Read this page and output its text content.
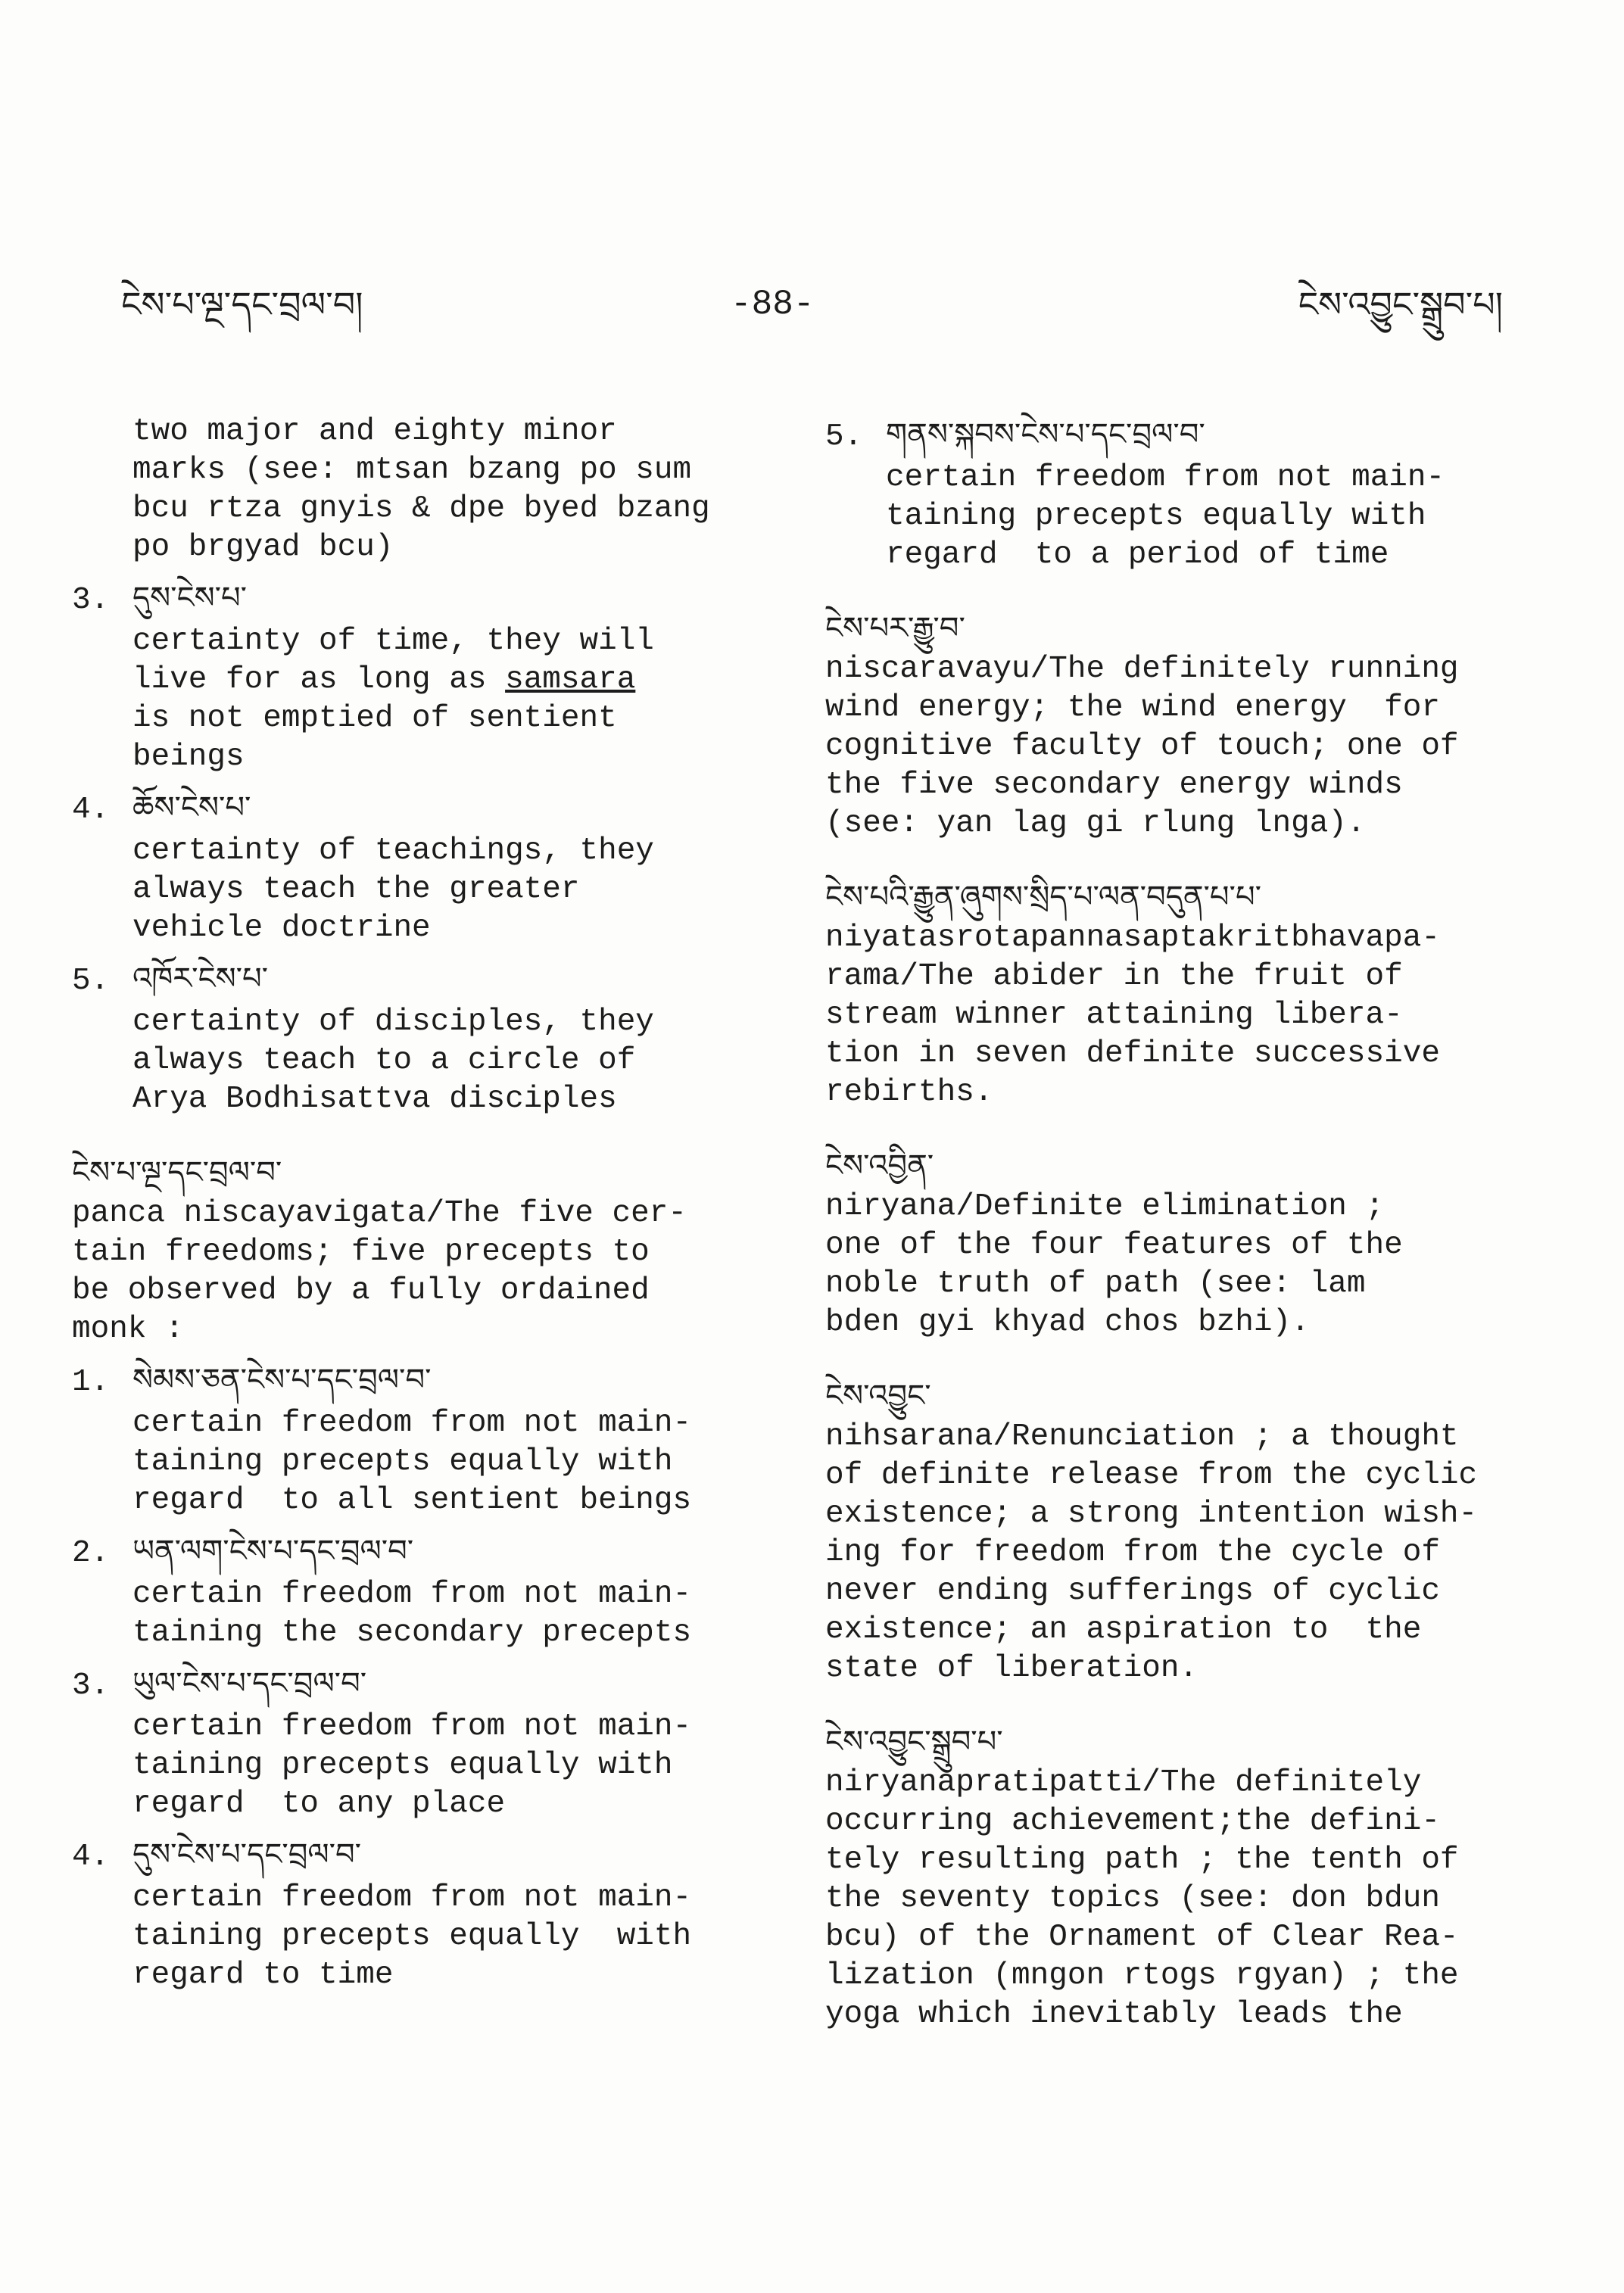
ངེས་པ་ལྔ་དང་བྲལ་བ།	-88-	ངེས་འབྱུང་སྒྲུབ་པ།
two major and eighty minor
marks (see: mtsan bzang po sum
bcu rtza gnyis & dpe byed bzang
po brgyad bcu)
3. དུས་ངེས་པ་
certainty of time, they will
live for as long as samsara
is not emptied of sentient
beings
4. ཆོས་ངེས་པ་
certainty of teachings, they
always teach the greater
vehicle doctrine
5. འཁོར་ངེས་པ་
certainty of disciples, they
always teach to a circle of
Arya Bodhisattva disciples
ངེས་པ་ལྔ་དང་བྲལ་བ་
panca niscayavigata/The five cer-
tain freedoms; five precepts to
be observed by a fully ordained
monk :
1. སེམས་ཅན་ངེས་པ་དང་བྲལ་བ་
certain freedom from not main-
taining precepts equally with
regard  to all sentient beings
2. ཡན་ལག་ངེས་པ་དང་བྲལ་བ་
certain freedom from not main-
taining the secondary precepts
3. ཡུལ་ངེས་པ་དང་བྲལ་བ་
certain freedom from not main-
taining precepts equally with
regard  to any place
4. དུས་ངེས་པ་དང་བྲལ་བ་
certain freedom from not main-
taining precepts equally  with
regard to time
5. གནས་སྐབས་ངེས་པ་དང་བྲལ་བ་
certain freedom from not main-
taining precepts equally with
regard  to a period of time
ངེས་པར་རྒྱུ་བ་
niscaravayu/The definitely running
wind energy; the wind energy  for
cognitive faculty of touch; one of
the five secondary energy winds
(see: yan lag gi rlung lnga).
ངེས་པའི་རྒྱུན་ཞུགས་སྲིད་པ་ལན་བདུན་པ་པ་
niyatasrotapannasaptakritbhavapa-
rama/The abider in the fruit of
stream winner attaining libera-
tion in seven definite successive
rebirths.
ངེས་འབྱིན་
niryana/Definite elimination ;
one of the four features of the
noble truth of path (see: lam
bden gyi khyad chos bzhi).
ངེས་འབྱུང་
nihsarana/Renunciation ; a thought
of definite release from the cyclic
existence; a strong intention wish-
ing for freedom from the cycle of
never ending sufferings of cyclic
existence; an aspiration to  the
state of liberation.
ངེས་འབྱུང་སྒྲུབ་པ་
niryanapratipatti/The definitely
occurring achievement;the defini-
tely resulting path ; the tenth of
the seventy topics (see: don bdun
bcu) of the Ornament of Clear Rea-
lization (mngon rtogs rgyan) ; the
yoga which inevitably leads the
